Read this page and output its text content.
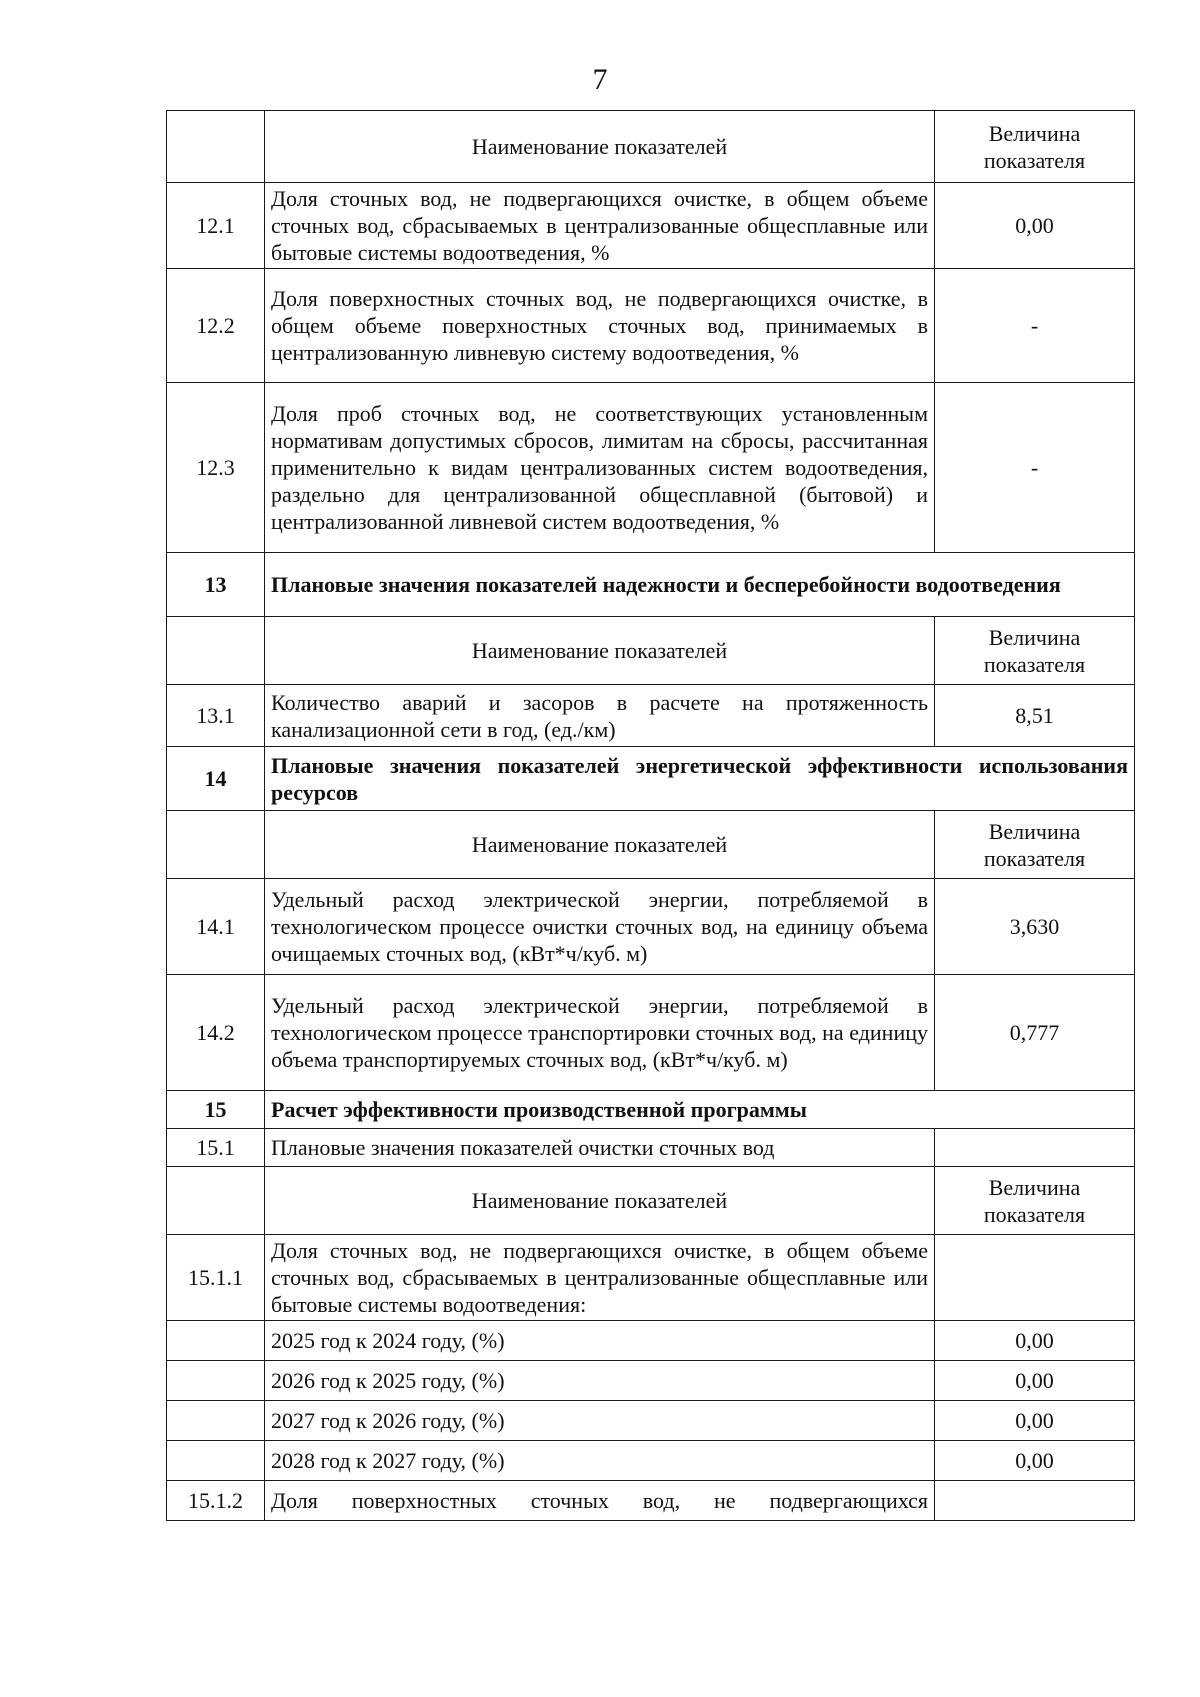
7
	Наименование показателей	Величина показателя
12.1	Доля сточных вод, не подвергающихся очистке, в общем объеме сточных вод, сбрасываемых в централизованные общесплавные или бытовые системы водоотведения, %	0,00
12.2	Доля поверхностных сточных вод, не подвергающихся очистке, в общем объеме поверхностных сточных вод, принимаемых в централизованную ливневую систему водоотведения, %	-
12.3	Доля проб сточных вод, не соответствующих установленным нормативам допустимых сбросов, лимитам на сбросы, рассчитанная применительно к видам централизованных систем водоотведения, раздельно для централизованной общесплавной (бытовой) и централизованной ливневой систем водоотведения, %	-
13	Плановые значения показателей надежности и бесперебойности водоотведения	
	Наименование показателей	Величина показателя
13.1	Количество аварий и засоров в расчете на протяженность канализационной сети в год, (ед./км)	8,51
14	Плановые значения показателей энергетической эффективности использования ресурсов	
	Наименование показателей	Величина показателя
14.1	Удельный расход электрической энергии, потребляемой в технологическом процессе очистки сточных вод, на единицу объема очищаемых сточных вод, (кВт*ч/куб. м)	3,630
14.2	Удельный расход электрической энергии, потребляемой в технологическом процессе транспортировки сточных вод, на единицу объема транспортируемых сточных вод, (кВт*ч/куб. м)	0,777
15	Расчет эффективности производственной программы	
15.1	Плановые значения показателей очистки сточных вод	
	Наименование показателей	Величина показателя
15.1.1	Доля сточных вод, не подвергающихся очистке, в общем объеме сточных вод, сбрасываемых в централизованные общесплавные или бытовые системы водоотведения:	
	2025 год к 2024 году, (%)	0,00
	2026 год к 2025 году, (%)	0,00
	2027 год к 2026 году, (%)	0,00
	2028 год к 2027 году, (%)	0,00
15.1.2	Доля поверхностных сточных вод, не подвергающихся	
